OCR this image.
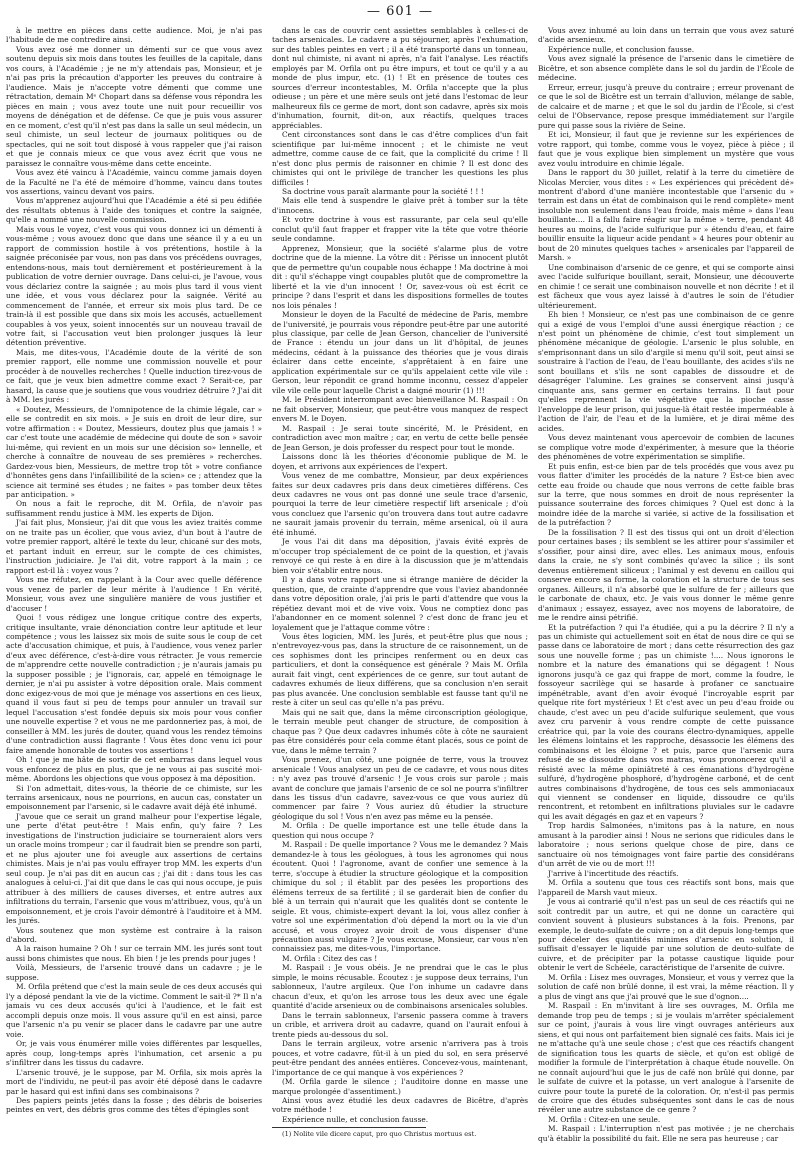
— 601 —

à le mettre en pièces dans cette audience. Moi, je n'ai pas l'habitude de me contredire ainsi.

Vous avez osé me donner un démenti sur ce que vous avez soutenu depuis six mois dans toutes les feuilles de la capitale, dans vos cours, à l'Académie ; je ne m'y attendais pas, Monsieur, et je n'ai pas pris la précaution d'apporter les preuves du contraire à l'audience. Mais je n'accepte votre démenti que comme une rétractation, demain Mᵉ Chopart dans sa défense vous répondra les pièces en main ; vous avez toute une nuit pour recueillir vos moyens de dénégation et de défense. Ce que je puis vous assurer en ce moment, c'est qu'il n'est pas dans la salle un seul médecin, un seul chimiste, un seul lecteur de journaux politiques ou de spectacles, qui ne soit tout disposé à vous rappeler que j'ai raison et que je connais mieux ce que vous avez écrit que vous ne paraissez le connaître vous-même dans cette enceinte.

Vous avez été vaincu à l'Académie, vaincu comme jamais doyen de la Faculté ne l'a été de mémoire d'homme, vaincu dans toutes vos assertions, vaincu devant vos pairs.

Vous m'apprenez aujourd'hui que l'Académie a été si peu édifiée des résultats obtenus à l'aide des toniques et contre la saignée, qu'elle a nommé une nouvelle commission.

Mais vous le voyez, c'est vous qui vous donnez ici un démenti à vous-même ; vous avouez donc que dans une séance il y a eu un rapport de commission hostile à vos prétentions, hostile à la saignée préconisée par vous, non pas dans vos précédens ouvrages, entendons-nous, mais tout dernièrement et postérieurement à la publication de votre dernier ouvrage. Dans celui-ci, je l'avoue, vous vous déclariez contre la saignée ; au mois plus tard il vous vient une idée, et vous vous déclarez pour la saignée. Vérité au commencement de l'année, et erreur six mois plus tard. De ce train-là il est possible que dans six mois les accusés, actuellement coupables à vos yeux, soient innocentés sur un nouveau travail de votre fait, si l'accusation veut bien prolonger jusques là leur détention préventive.

Mais, me dites-vous, l'Académie doute de la vérité de son premier rapport, elle nomme une commission nouvelle et pour procéder à de nouvelles recherches ! Quelle induction tirez-vous de ce fait, que je veux bien admettre comme exact ? Serait-ce, par hasard, la cause que je soutiens que vous voudriez détruire ? J'ai dit à MM. les jurés :

« Doutez, Messieurs, de l'omnipotence de la chimie légale, car » elle se contredit en six mois. » Je suis en droit de leur dire, sur votre affirmation : « Doutez, Messieurs, doutez plus que jamais ! » car c'est toute une académie de médecine qui doute de son » savoir lui-même, qui revient en un mois sur une décision so» lennelle, et cherche à connaître de nouveau de ses premières » recherches. Gardez-vous bien, Messieurs, de mettre trop tôt » votre confiance d'honnêtes gens dans l'infaillibilité de la scien» ce ; attendez que la science ait terminé ses études ; ne faites » pas tomber deux têtes par anticipation. »

On nous a fait le reproche, dit M. Orfila, de n'avoir pas suffisamment rendu justice à MM. les experts de Dijon.

J'ai fait plus, Monsieur, j'ai dit que vous les aviez traités comme on ne traite pas un écolier, que vous aviez, d'un bout à l'autre de votre premier rapport, altéré le texte du leur, chicané sur des mots, et partant induit en erreur, sur le compte de ces chimistes, l'instruction judiciaire. Je l'ai dit, votre rapport à la main ; ce rapport est-il là : voyez vous ?

Vous me réfutez, en rappelant à la Cour avec quelle déférence vous venez de parler de leur mérite à l'audience ! En vérité, Monsieur, vous avez une singulière manière de vous justifier et d'accuser !

Quoi ! vous rédigez une longue critique contre des experts, critique insultante, vraie dénonciation contre leur aptitude et leur compétence ; vous les laissez six mois de suite sous le coup de cet acte d'accusation chimique, et puis, à l'audience, vous venez parler d'eux avec déférence, c'est-à-dire vous rétracter. Je vous remercie de m'apprendre cette nouvelle contradiction ; je n'aurais jamais pu la supposer possible ; je l'ignorais, car, appelé en témoignage le dernier, je n'ai pu assister à votre déposition orale. Mais comment donc exigez-vous de moi que je ménage vos assertions en ces lieux, quand il vous faut si peu de temps pour annuler un travail sur lequel l'accusation s'est fondée depuis six mois pour vous confier une nouvelle expertise ? et vous ne me pardonneriez pas, à moi, de conseiller à MM. les jurés de douter, quand vous les rendez témoins d'une contradiction aussi flagrante ! Vous êtes donc venu ici pour faire amende honorable de toutes vos assertions !

Oh ! que je me hâte de sortir de cet embarras dans lequel vous vous enfoncez de plus en plus, que je ne vous ai pas suscité moi-même. Abordons les objections que vous opposez à ma déposition.

Si l'on admettait, dites-vous, la théorie de ce chimiste, sur les terrains arsenicaux, nous ne pourrions, en aucun cas, constater un empoisonnement par l'arsenic, si le cadavre avait déjà été inhumé.

J'avoue que ce serait un grand malheur pour l'expertise légale, une perte d'état peut-être ! Mais enfin, qu'y faire ? Les investigations de l'instruction judiciaire se tourneraient alors vers un oracle moins trompeur ; car il faudrait bien se prendre son parti, et ne plus ajouter une foi aveugle aux assertions de certains chimistes. Mais je n'ai pas voulu effrayer trop MM. les experts d'un seul coup. Je n'ai pas dit en aucun cas ; j'ai dit : dans tous les cas analogues à celui-ci. J'ai dit que dans le cas qui nous occupe, je puis attribuer à des milliers de causes diverses, et entre autres aux infiltrations du terrain, l'arsenic que vous m'attribuez, vous, qu'à un empoisonnement, et je crois l'avoir démontré à l'auditoire et à MM. les jurés.

Vous soutenez que mon système est contraire à la raison d'abord.

A la raison humaine ? Oh ! sur ce terrain MM. les jurés sont tout aussi bons chimistes que nous. Eh bien ! je les prends pour juges !

Voilà, Messieurs, de l'arsenic trouvé dans un cadavre ; je le suppose.

M. Orfila prétend que c'est la main seule de ces deux accusés qui l'y a déposé pendant la vie de la victime. Comment le sait-il ?* Il n'a jamais vu ces deux accusés qu'ici à l'audience, et le fait est accompli depuis onze mois. Il vous assure qu'il en est ainsi, parce que l'arsenic n'a pu venir se placer dans le cadavre par une autre voie.

Or, je vais vous énumérer mille voies différentes par lesquelles, après coup, long-temps après l'inhumation, cet arsenic a pu s'infiltrer dans les tissus du cadavre.

L'arsenic trouvé, je le suppose, par M. Orfila, six mois après la mort de l'individu, ne peut-il pas avoir été déposé dans le cadavre par le hasard qui est infini dans ses combinaisons ?

Des papiers peints jetés dans la fosse ; des débris de boiseries peintes en vert, des débris gros comme des têtes d'épingles sont

dans le cas de couvrir cent assiettes semblables à celles-ci de taches arsenicales. Le cadavre a pu séjourner, après l'exhumation, sur des tables peintes en vert ; il a été transporté dans un tonneau, dont nul chimiste, ni avant ni après, n'a fait l'analyse. Les réactifs employés par M. Orfila ont pu être impurs, et tout ce qu'il y a au monde de plus impur, etc. (1) ! Et en présence de toutes ces sources d'erreur incontestables, M. Orfila n'accepte que la plus odieuse ; un père et une mère seuls ont jeté dans l'estomac de leur malheureux fils ce germe de mort, dont son cadavre, après six mois d'inhumation, fournit, dit-on, aux réactifs, quelques traces appréciables.

Cent circonstances sont dans le cas d'être complices d'un fait scientifique par lui-même innocent ; et le chimiste ne veut admettre, comme cause de ce fait, que la complicité du crime ! Il n'est donc plus permis de raisonner en chimie ? Il est donc des chimistes qui ont le privilège de trancher les questions les plus difficiles !

Sa doctrine vous paraît alarmante pour la société ! ! !

Mais elle tend à suspendre le glaive prêt à tomber sur la tête d'innocens.

Et votre doctrine à vous est rassurante, par cela seul qu'elle conclut qu'il faut frapper et frapper vite la tête que votre théorie seule condamne.

Apprenez, Monsieur, que la société s'alarme plus de votre doctrine que de la mienne. La vôtre dit : Périsse un innocent plutôt que de permettre qu'un coupable nous échappe ! Ma doctrine à moi dit : qu'il s'échappe vingt coupables plutôt que de compromettre la liberté et la vie d'un innocent ! Or, savez-vous où est écrit ce principe ? dans l'esprit et dans les dispositions formelles de toutes nos lois pénales !

Monsieur le doyen de la Faculté de médecine de Paris, membre de l'université, je pourrais vous répondre peut-être par une autorité plus classique, par celle de Jean Gerson, chancelier de l'université de France : étendu un jour dans un lit d'hôpital, de jeunes médecins, cédant à la puissance des théories que je vous dirais éclairer dans cette enceinte, s'apprêtaient à en faire une application expérimentale sur ce qu'ils appelaient cette vile vile : Gerson, leur répondit ce grand homme inconnu, cessez d'appeler vile vile celle pour laquelle Christ a daigné mourir (1) !!!

M. le Président interrompant avec bienveillance M. Raspail : On ne fait observer, Monsieur, que peut-être vous manquez de respect envers M. le Doyen.

M. Raspail : Je serai toute sincérité, M. le Président, en contradiction avec mon maître ; car, en vertu de cette belle pensée de Jean Gerson, je dois professer du respect pour tout le monde.

Laissons donc là les théories d'économie publique de M. le doyen, et arrivons aux expériences de l'expert.

Vous venez de me combattre, Monsieur, par deux expériences faites sur deux cadavres pris dans deux cimetières différens. Ces deux cadavres ne vous ont pas donné une seule trace d'arsenic, pourquoi la terre de leur cimetière respectif lift arsenicale ; d'où vous concluez que l'arsenic qu'on trouvera dans tout autre cadavre ne saurait jamais provenir du terrain, même arsenical, où il aura été inhumé.

Je vous l'ai dit dans ma déposition, j'avais évité exprès de m'occuper trop spécialement de ce point de la question, et j'avais renvoyé ce qui reste à en dire à la discussion que je m'attendais bien voir s'établir entre nous.

Il y a dans votre rapport une si étrange manière de décider la question, que, de crainte d'apprendre que vous l'aviez abandonnée dans votre déposition orale, j'ai pris le parti d'attendre que vous la répétiez devant moi et de vive voix. Vous ne comptiez donc pas l'abandonner en ce moment solennel ? c'est donc de franc jeu et loyalement que je l'attaque comme vôtre :

Vous êtes logicien, MM. les Jurés, et peut-être plus que nous ; n'entrevoyez-vous pas, dans la structure de ce raisonnement, un de ces sophismes dont les principes renferment ou en deux cas particuliers, et dont la conséquence est générale ? Mais M. Orfila aurait fait vingt, cent expériences de ce genre, sur tout autant de cadavres exhumés de lieux différens, que sa conclusion n'en serait pas plus avancée. Une conclusion semblable est fausse tant qu'il ne reste à citer un seul cas qu'elle n'a pas prévu.

Mais qui ne sait que, dans la même circonscription géologique, le terrain meuble peut changer de structure, de composition à chaque pas ? Que deux cadavres inhumés côte à côte ne sauraient pas être considérés pour cela comme étant placés, sous ce point de vue, dans le même terrain ?

Vous prenez, d'un côté, une poignée de terre, vous la trouvez arsenicale ! Vous analysez un peu de ce cadavre, et vous nous dites : n'y avez pas trouvé d'arsenic ! Je vous crois sur parole ; mais avant de conclure que jamais l'arsenic de ce sol ne pourra s'infiltrer dans les tissus d'un cadavre, savez-vous ce que vous auriez dû commencer par faire ? Vous auriez dû étudier la structure géologique du sol ! Vous n'en avez pas même eu la pensée.

M. Orfila : De quelle importance est une telle étude dans la question qui nous occupe ?

M. Raspail : De quelle importance ? Vous me le demandez ? Mais demandez-le à tous les géologues, à tous les agronomes qui nous écoutent. Quoi ! l'agronome, avant de confier une semence à la terre, s'occupe à étudier la structure géologique et la composition chimique du sol ; il établit par des pesées les proportions des élémens terreux de sa fertilité ; il se garderait bien de confier du blé à un terrain qui n'aurait que les qualités dont se contente le seigle. Et vous, chimiste-expert devant la loi, vous allez confier à votre sol une expérimentation d'où dépend la mort ou la vie d'un accusé, et vous croyez avoir droit de vous dispenser d'une précaution aussi vulgaire ? Je vous excuse, Monsieur, car vous n'en connaissiez pas, me dites-vous, l'importance.

M. Orfila : Citez des cas !

M. Raspail : Je vous obéis. Je ne prendrai que le cas le plus simple, le moins récusable. Écoutez : je suppose deux terrains, l'un sablonneux, l'autre argileux. Que l'on inhume un cadavre dans chacun d'eux, et qu'on les arrose tous les deux avec une égale quantité d'acide arsenieux ou de combinaisons arsenicales solubles.

Dans le terrain sablonneux, l'arsenic passera comme à travers un crible, et arrivera droit au cadavre, quand on l'aurait enfoui à trente pieds au-dessous du sol.

Dans le terrain argileux, votre arsenic n'arrivera pas à trois pouces, et votre cadavre, fût-il à un pied du sol, en sera préservé peut-être pendant des années entières. Concevez-vous, maintenant, l'importance de ce qui manque à vos expériences ?

(M. Orfila garde le silence ; l'auditoire donne en masse une marque prolongée d'assentiment.)

Ainsi vous avez étudié les deux cadavres de Bicêtre, d'après votre méthode !

Expérience nulle, et conclusion fausse.

(1) Nolite vile dicere caput, pro quo Christus mortuus est.

Vous avez inhumé au loin dans un terrain que vous avez saturé d'acide arsenieux.

Expérience nulle, et conclusion fausse.

Vous avez signalé la présence de l'arsenic dans le cimetière de Bicêtre, et son absence complète dans le sol du jardin de l'École de médecine.

Erreur, erreur, jusqu'à preuve du contraire ; erreur provenant de ce que le sol de Bicêtre est un terrain d'alluvion, mélange de sable, de calcaire et de marne ; et que le sol du jardin de l'École, si c'est celui de l'Observance, repose presque immédiatement sur l'argile pure qui passe sous la rivière de Seine.

Et ici, Monsieur, il faut que je revienne sur les expériences de votre rapport, qui tombe, comme vous le voyez, pièce à pièce ; il faut que je vous explique bien simplement un mystère que vous avez voulu introduire en chimie légale.

Dans le rapport du 30 juillet, relatif à la terre du cimetière de Nicolas Mercier, vous dites : « Les expériences qui précèdent dé» montrent d'abord d'une manière incontestable que l'arsenic du » terrain est dans un état de combinaison qui le rend complète» ment insoluble non seulement dans l'eau froide, mais même » dans l'eau bouillante.... Il a fallu faire réagir sur la même » terre, pendant 48 heures au moins, de l'acide sulfurique pur » étendu d'eau, et faire bouillir ensuite la liqueur acide pendant » 4 heures pour obtenir au bout de 20 minutes quelques taches » arsenicales par l'appareil de Marsh. »

Une combinaison d'arsenic de ce genre, et qui se comporte ainsi avec l'acide sulfurique bouillant, serait, Monsieur, une découverte en chimie ! ce serait une combinaison nouvelle et non décrite ! et il est fâcheux que vous ayez laissé à d'autres le soin de l'étudier ultérieurement.

Eh bien ! Monsieur, ce n'est pas une combinaison de ce genre qui a exigé de vous l'emploi d'une aussi énergique réaction ; ce n'est point un phénomène de chimie, c'est tout simplement un phénomène mécanique de géologie. L'arsenic le plus soluble, en s'emprisonnant dans un silo d'argile si menu qu'il soit, peut ainsi se soustraire à l'action de l'eau, de l'eau bouillante, des acides s'ils ne sont bouillans et s'ils ne sont capables de dissoudre et de désagréger l'alumine. Les graines se conservent ainsi jusqu'à cinquante ans, sans germer en certains terrains. Il faut pour qu'elles reprennent la vie végétative que la pioche casse l'enveloppe de leur prison, qui jusque-là était restée imperméable à l'action de l'air, de l'eau et de la lumière, et je dirai même des acides.

Vous devez maintenant vous apercevoir de combien de lacunes se complique votre mode d'expérimenter, à mesure que la théorie des phénomènes de votre expérimentation se simplifie.

Et puis enfin, est-ce bien par de tels procédés que vous avez pu vous flatter d'imiter les procédés de la nature ? Est-ce bien avec cette eau froide ou chaude que nous verrons de cette faible bras sur la terre, que nous sommes en droit de nous représenter la puissance souterraine des forces chimiques ? Quel est donc à la moindre idée de la marche si variée, si active de la fossilisation et de la putréfaction ?

De la fossilisation ? Il est des tissus qui ont un droit d'élection pour certaines bases ; ils semblent se les attirer pour s'assimiler et s'ossifier, pour ainsi dire, avec elles. Les animaux mous, enfouis dans la craie, ne s'y sont combinés qu'avec la silice ; ils sont devenus entièrement siliceux ; l'animal y est devenu en caillou qui conserve encore sa forme, la coloration et la structure de tous ses organes. Ailleurs, il n'a absorbé que le sulfure de fer ; ailleurs que le carbonate de chaux, etc. Je vais vous donner le même genre d'animaux ; essayez, essayez, avec nos moyens de laboratoire, de me le rendre ainsi pétrifié.

Et la putréfaction ? qui l'a étudiée, qui a pu la décrire ? Il n'y a pas un chimiste qui actuellement soit en état de nous dire ce qui se passe dans ce laboratoire de mort ; dans cette résurrection des gaz sous une nouvelle forme ; pas un chimiste !.... Nous ignorons le nombre et la nature des émanations qui se dégagent ! Nous ignorons jusqu'à ce gaz qui frappe de mort, comme la foudre, le fossoyeur sacrilège qui se hasarde à profaner ce sanctuaire impénétrable, avant d'en avoir évoqué l'incroyable esprit par quelque rite fort mystérieux ! Et c'est avec un peu d'eau froide ou chaude, c'est avec un peu d'acide sulfurique seulement, que vous avez cru parvenir à vous rendre compte de cette puissance créatrice qui, par la voie des courans électro-dynamiques, appelle les élémens lointains et les rapproche, désassocie les élémens des combinaisons et les éloigne ? et puis, parce que l'arsenic aura refusé de se dissoudre dans vos matras, vous prononcerez qu'il a résisté avec la même opiniâtreté à ces émanations d'hydrogène sulfuré, d'hydrogène phosphoré, d'hydrogène carboné, et de cent autres combinaisons d'hydrogène, de tous ces sels ammoniacaux qui viennent se condenser en liquide, dissoudre ce qu'ils rencontrent, et retombent en infiltrations pluviales sur le cadavre qui les avait dégagés en gaz et en vapeurs ?

Trop hardis Salmonées, n'imitons pas à la nature, en nous amusant à la parodier ainsi ! Nous ne serions que ridicules dans le laboratoire ; nous serions quelque chose de pire, dans ce sanctuaire où nos témoignages vont faire partie des considérans d'un arrêt de vie ou de mort !!!

J'arrive à l'incertitude des réactifs.

M. Orfila a soutenu que tous ces réactifs sont bons, mais que l'appareil de Marsh vaut mieux.

Je vous ai contrarié qu'il n'est pas un seul de ces réactifs qui ne soit contredit par un autre, et qui ne donne un caractère qui convient souvent à plusieurs substances à la fois. Prenons, par exemple, le deuto-sulfate de cuivre ; on a dit depuis long-temps que pour déceler des quantités minimes d'arsenic en solution, il suffisait d'essayer le liquide par une solution de deuto-sulfate de cuivre, et de précipiter par la potasse caustique liquide pour obtenir le vert de Schéele, caractéristique de l'arsenite de cuivre.

M. Orfila : Lisez mes ouvrages, Monsieur, et vous y verrez que la solution de café non brûlé donne, il est vrai, la même réaction. Il y a plus de vingt ans que j'ai prouvé que le sue d'ognon....

M. Raspail : En m'invitant à lire ses ouvrages, M. Orfila me demande trop peu de temps ; si je voulais m'arrêter spécialement sur ce point, j'aurais à vous lire vingt ouvrages antérieurs aux siens, et qui nous ont parfaitement bien signalé ces faits. Mais ici je ne m'attache qu'à une seule chose ; c'est que ces réactifs changent de signification tous les quarts de siècle, et qu'on est obligé de modifier la formule de l'interprétation à chaque étude nouvelle. On ne connaît aujourd'hui que le jus de café non brûlé qui donne, par le sulfate de cuivre et la potasse, un vert analogue à l'arsenite de cuivre pour toute la pureté de la coloration. Or, n'est-il pas permis de croire que des études subséquentes sont dans le cas de nous révéler une autre substance de ce genre ?

M. Orfila : Citez-en une seule.

M. Raspail : L'interruption n'est pas motivée ; je ne cherchais qu'à établir la possibilité du fait. Elle ne sera pas heureuse ; car
